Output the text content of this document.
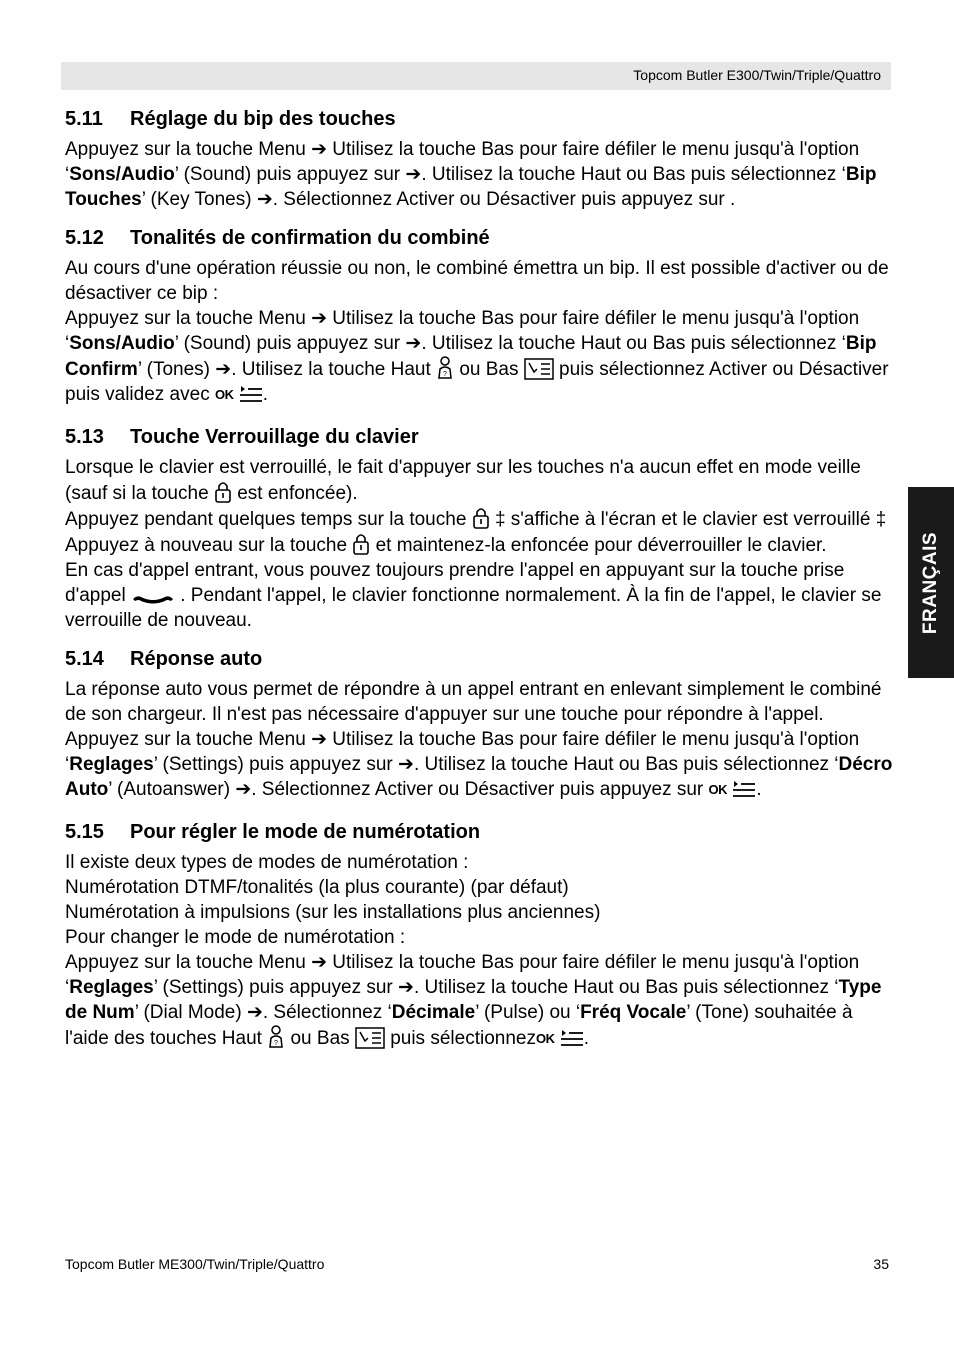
Topcom Butler E300/Twin/Triple/Quattro
FRANÇAIS
5.11 Réglage du bip des touches

Appuyez sur la touche Menu ➔ Utilisez la touche Bas pour faire défiler le menu jusqu'à l'option ‘Sons/Audio’ (Sound) puis appuyez sur ➔. Utilisez la touche Haut ou Bas puis sélectionnez ‘Bip Touches’ (Key Tones) ➔. Sélectionnez Activer ou Désactiver puis appuyez sur .

5.12 Tonalités de confirmation du combiné

Au cours d'une opération réussie ou non, le combiné émettra un bip. Il est possible d'activer ou de désactiver ce bip :

Appuyez sur la touche Menu ➔ Utilisez la touche Bas pour faire défiler le menu jusqu'à l'option ‘Sons/Audio’ (Sound) puis appuyez sur ➔. Utilisez la touche Haut ou Bas puis sélectionnez ‘Bip Confirm’ (Tones) ➔. Utilisez la touche Haut ? ou Bas  puis sélectionnez Activer ou Désactiver puis validez avec $^{OK}$ .

5.13 Touche Verrouillage du clavier

Lorsque le clavier est verrouillé, le fait d'appuyer sur les touches n'a aucun effet en mode veille (sauf si la touche  est enfoncée).

Appuyez pendant quelques temps sur la touche  ‡ s'affiche à l'écran et le clavier est verrouillé ‡ Appuyez à nouveau sur la touche  et maintenez-la enfoncée pour déverrouiller le clavier.

En cas d'appel entrant, vous pouvez toujours prendre l'appel en appuyant sur la touche prise d'appel  . Pendant l'appel, le clavier fonctionne normalement. À la fin de l'appel, le clavier se verrouille de nouveau.

5.14 Réponse auto

La réponse auto vous permet de répondre à un appel entrant en enlevant simplement le combiné de son chargeur. Il n'est pas nécessaire d'appuyer sur une touche pour répondre à l'appel.

Appuyez sur la touche Menu ➔ Utilisez la touche Bas pour faire défiler le menu jusqu'à l'option ‘Reglages’ (Settings) puis appuyez sur ➔. Utilisez la touche Haut ou Bas puis sélectionnez ‘Décro Auto’ (Autoanswer) ➔. Sélectionnez Activer ou Désactiver puis appuyez sur $^{OK}$ .

5.15 Pour régler le mode de numérotation

Il existe deux types de modes de numérotation :

Numérotation DTMF/tonalités (la plus courante) (par défaut)

Numérotation à impulsions (sur les installations plus anciennes)

Pour changer le mode de numérotation :

Appuyez sur la touche Menu ➔ Utilisez la touche Bas pour faire défiler le menu jusqu'à l'option ‘Reglages’ (Settings) puis appuyez sur ➔. Utilisez la touche Haut ou Bas puis sélectionnez ‘Type de Num’ (Dial Mode) ➔. Sélectionnez ‘Décimale’ (Pulse) ou ‘Fréq Vocale’ (Tone) souhaitée à l'aide des touches Haut ? ou Bas  puis sélectionnez$^{OK}$ .

Topcom Butler ME300/Twin/Triple/Quattro	35
